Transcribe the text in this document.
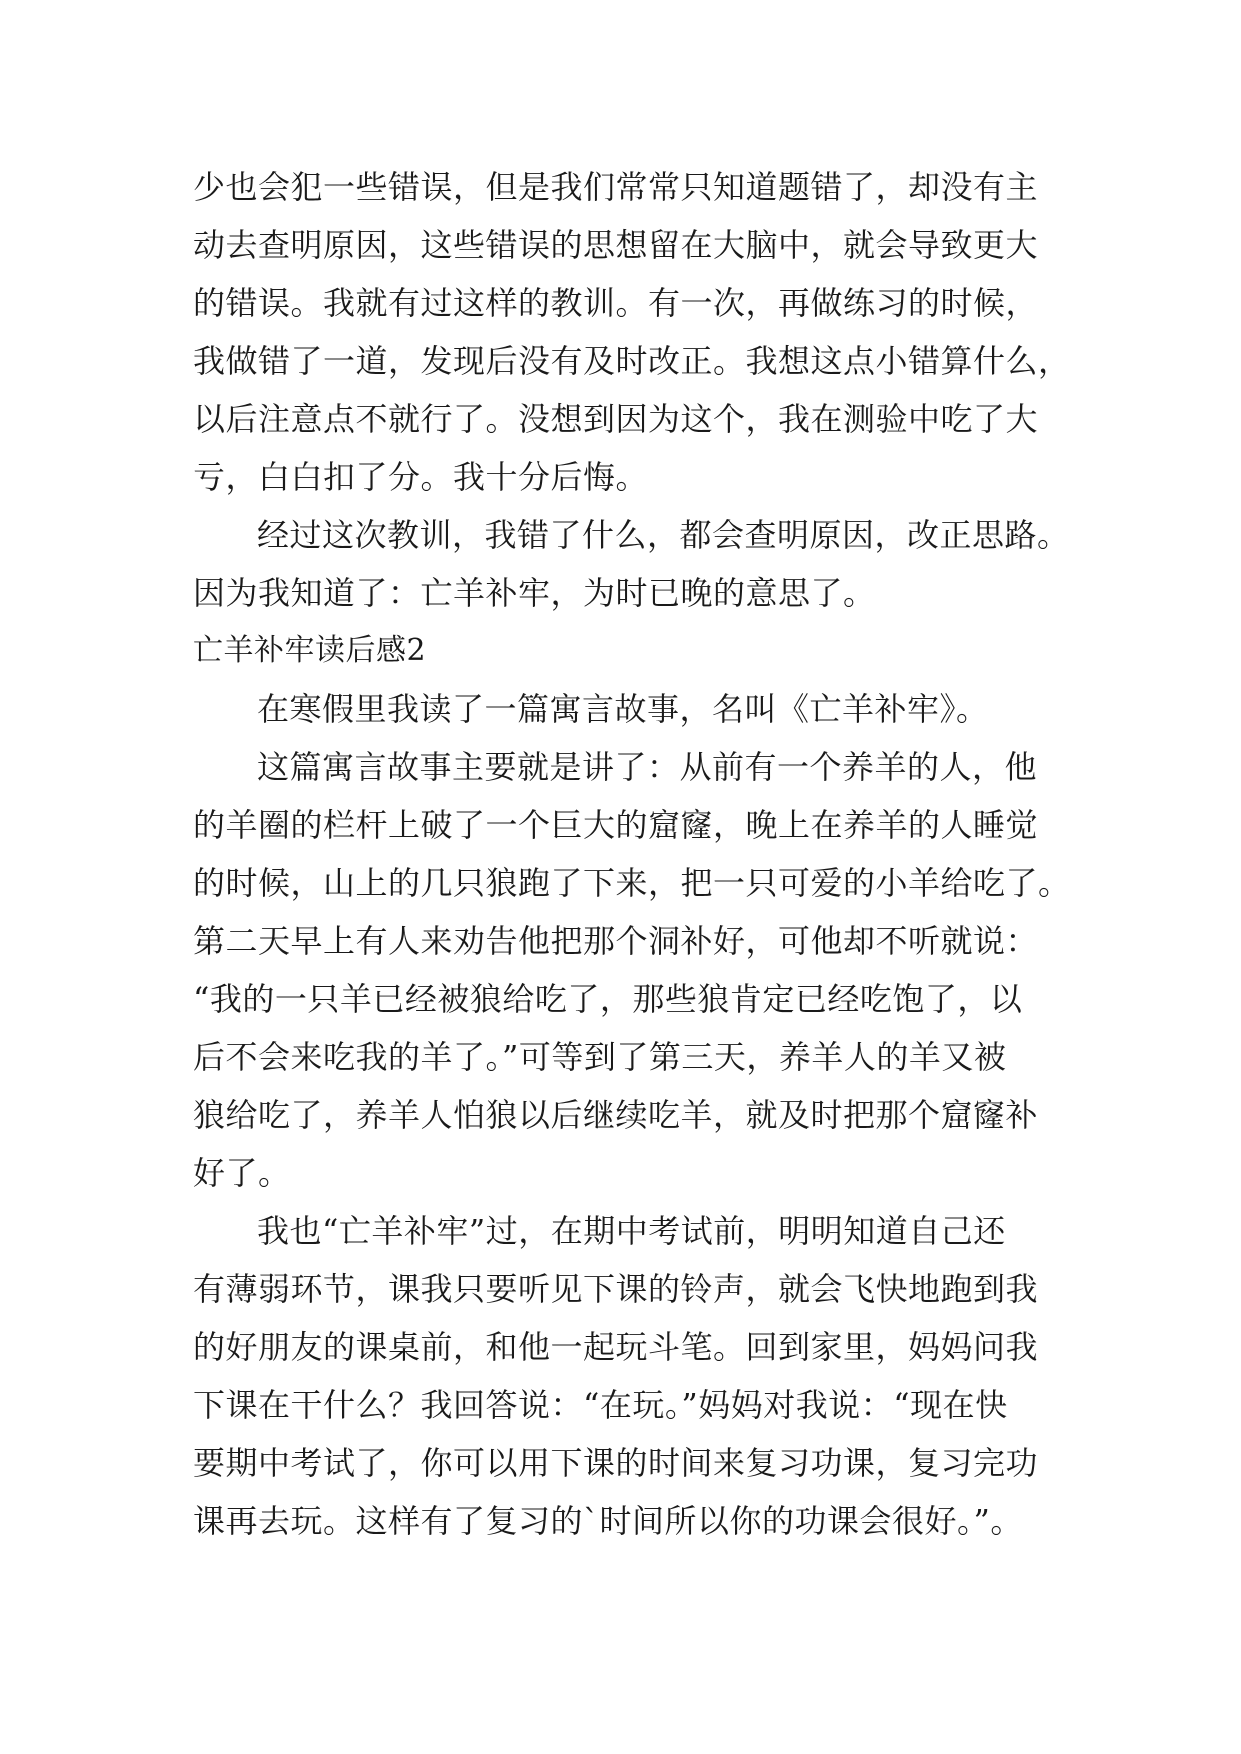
少也会犯一些错误，但是我们常常只知道题错了，却没有主
动去查明原因，这些错误的思想留在大脑中，就会导致更大
的错误。我就有过这样的教训。有一次，再做练习的时候，
我做错了一道，发现后没有及时改正。我想这点小错算什么，
以后注意点不就行了。没想到因为这个，我在测验中吃了大
亏，白白扣了分。我十分后悔。
经过这次教训，我错了什么，都会查明原因，改正思路。
因为我知道了：亡羊补牢，为时已晚的意思了。
亡羊补牢读后感2
在寒假里我读了一篇寓言故事，名叫《亡羊补牢》。
这篇寓言故事主要就是讲了：从前有一个养羊的人，他
的羊圈的栏杆上破了一个巨大的窟窿，晚上在养羊的人睡觉
的时候，山上的几只狼跑了下来，把一只可爱的小羊给吃了。
第二天早上有人来劝告他把那个洞补好，可他却不听就说：
“我的一只羊已经被狼给吃了，那些狼肯定已经吃饱了，以
后不会来吃我的羊了。”可等到了第三天，养羊人的羊又被
狼给吃了，养羊人怕狼以后继续吃羊，就及时把那个窟窿补
好了。
我也“亡羊补牢”过，在期中考试前，明明知道自己还
有薄弱环节，课我只要听见下课的铃声，就会飞快地跑到我
的好朋友的课桌前，和他一起玩斗笔。回到家里，妈妈问我
下课在干什么？我回答说：“在玩。”妈妈对我说：“现在快
要期中考试了，你可以用下课的时间来复习功课，复习完功
课再去玩。这样有了复习的`时间所以你的功课会很好。”。
